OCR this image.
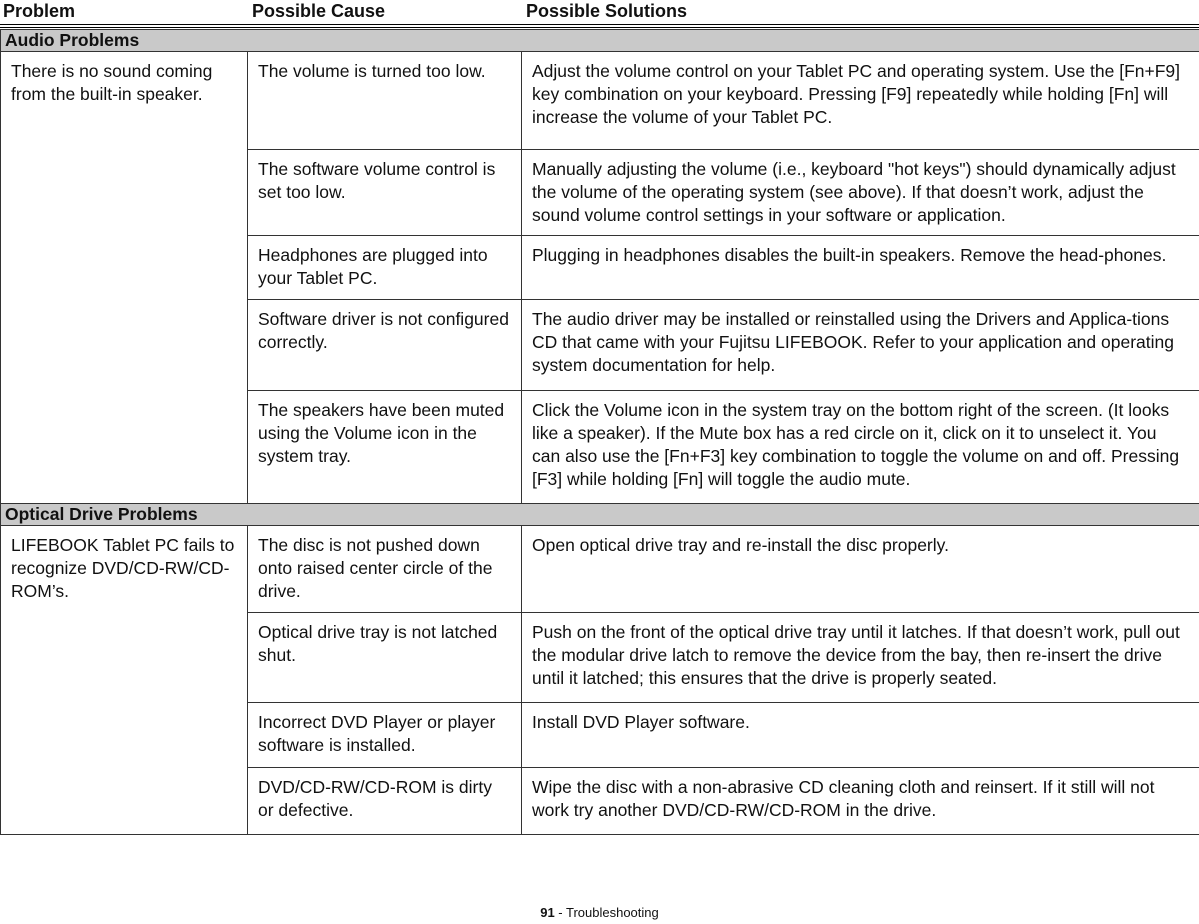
Problem	Possible Cause	Possible Solutions
Audio Problems		
There is no sound coming from the built-in speaker.	The volume is turned too low.	Adjust the volume control on your Tablet PC and operating system. Use the [Fn+F9] key combination on your keyboard. Pressing [F9] repeatedly while holding [Fn] will increase the volume of your Tablet PC.
	The software volume control is set too low.	Manually adjusting the volume (i.e., keyboard "hot keys") should dynamically adjust the volume of the operating system (see above). If that doesn’t work, adjust the sound volume control settings in your software or application.
	Headphones are plugged into your Tablet PC.	Plugging in headphones disables the built-in speakers. Remove the head-phones.
	Software driver is not configured correctly.	The audio driver may be installed or reinstalled using the Drivers and Applica-tions CD that came with your Fujitsu LIFEBOOK. Refer to your application and operating system documentation for help.
	The speakers have been muted using the Volume icon in the system tray.	Click the Volume icon in the system tray on the bottom right of the screen. (It looks like a speaker). If the Mute box has a red circle on it, click on it to unselect it. You can also use the [Fn+F3] key combination to toggle the volume on and off. Pressing [F3] while holding [Fn] will toggle the audio mute.
Optical Drive Problems		
LIFEBOOK Tablet PC fails to recognize DVD/CD-RW/CD-ROM’s.	The disc is not pushed down onto raised center circle of the drive.	Open optical drive tray and re-install the disc properly.
	Optical drive tray is not latched shut.	Push on the front of the optical drive tray until it latches. If that doesn’t work, pull out the modular drive latch to remove the device from the bay, then re-insert the drive until it latched; this ensures that the drive is properly seated.
	Incorrect DVD Player or player software is installed.	Install DVD Player software.
	DVD/CD-RW/CD-ROM is dirty or defective.	Wipe the disc with a non-abrasive CD cleaning cloth and reinsert. If it still will not work try another DVD/CD-RW/CD-ROM in the drive.
91 - Troubleshooting
